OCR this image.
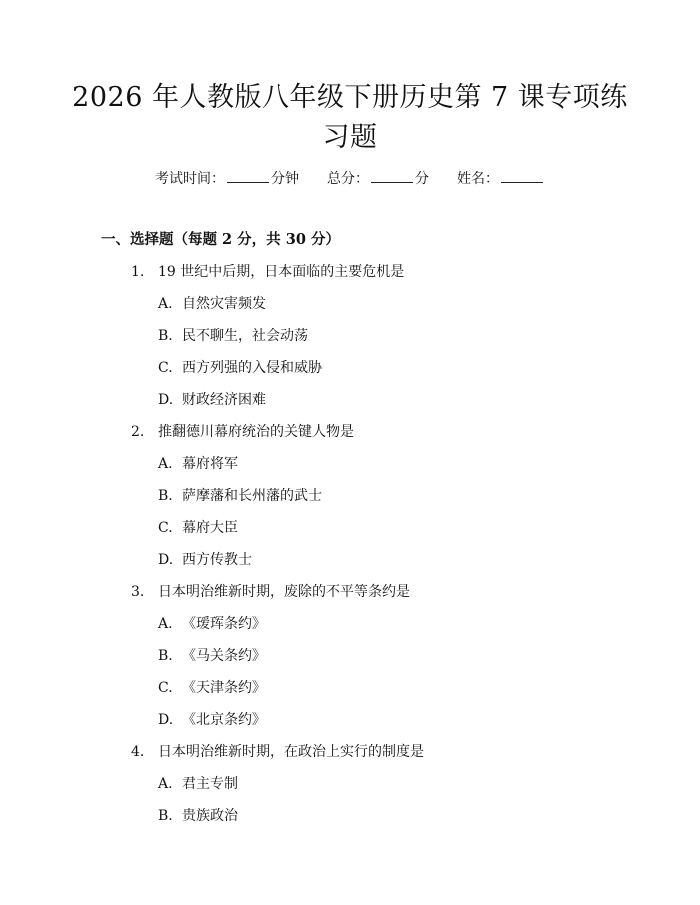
2026 年人教版八年级下册历史第 7 课专项练
习题
考试时间：	分钟 总分：	分 姓名：
一、选择题（每题 2 分，共 30 分）
1. 19 世纪中后期，日本面临的主要危机是
A. 自然灾害频发
B. 民不聊生，社会动荡
C. 西方列强的入侵和威胁
D. 财政经济困难
2. 推翻德川幕府统治的关键人物是
A. 幕府将军
B. 萨摩藩和长州藩的武士
C. 幕府大臣
D. 西方传教士
3. 日本明治维新时期，废除的不平等条约是
A. 《瑷珲条约》
B. 《马关条约》
C. 《天津条约》
D. 《北京条约》
4. 日本明治维新时期，在政治上实行的制度是
A. 君主专制
B. 贵族政治
